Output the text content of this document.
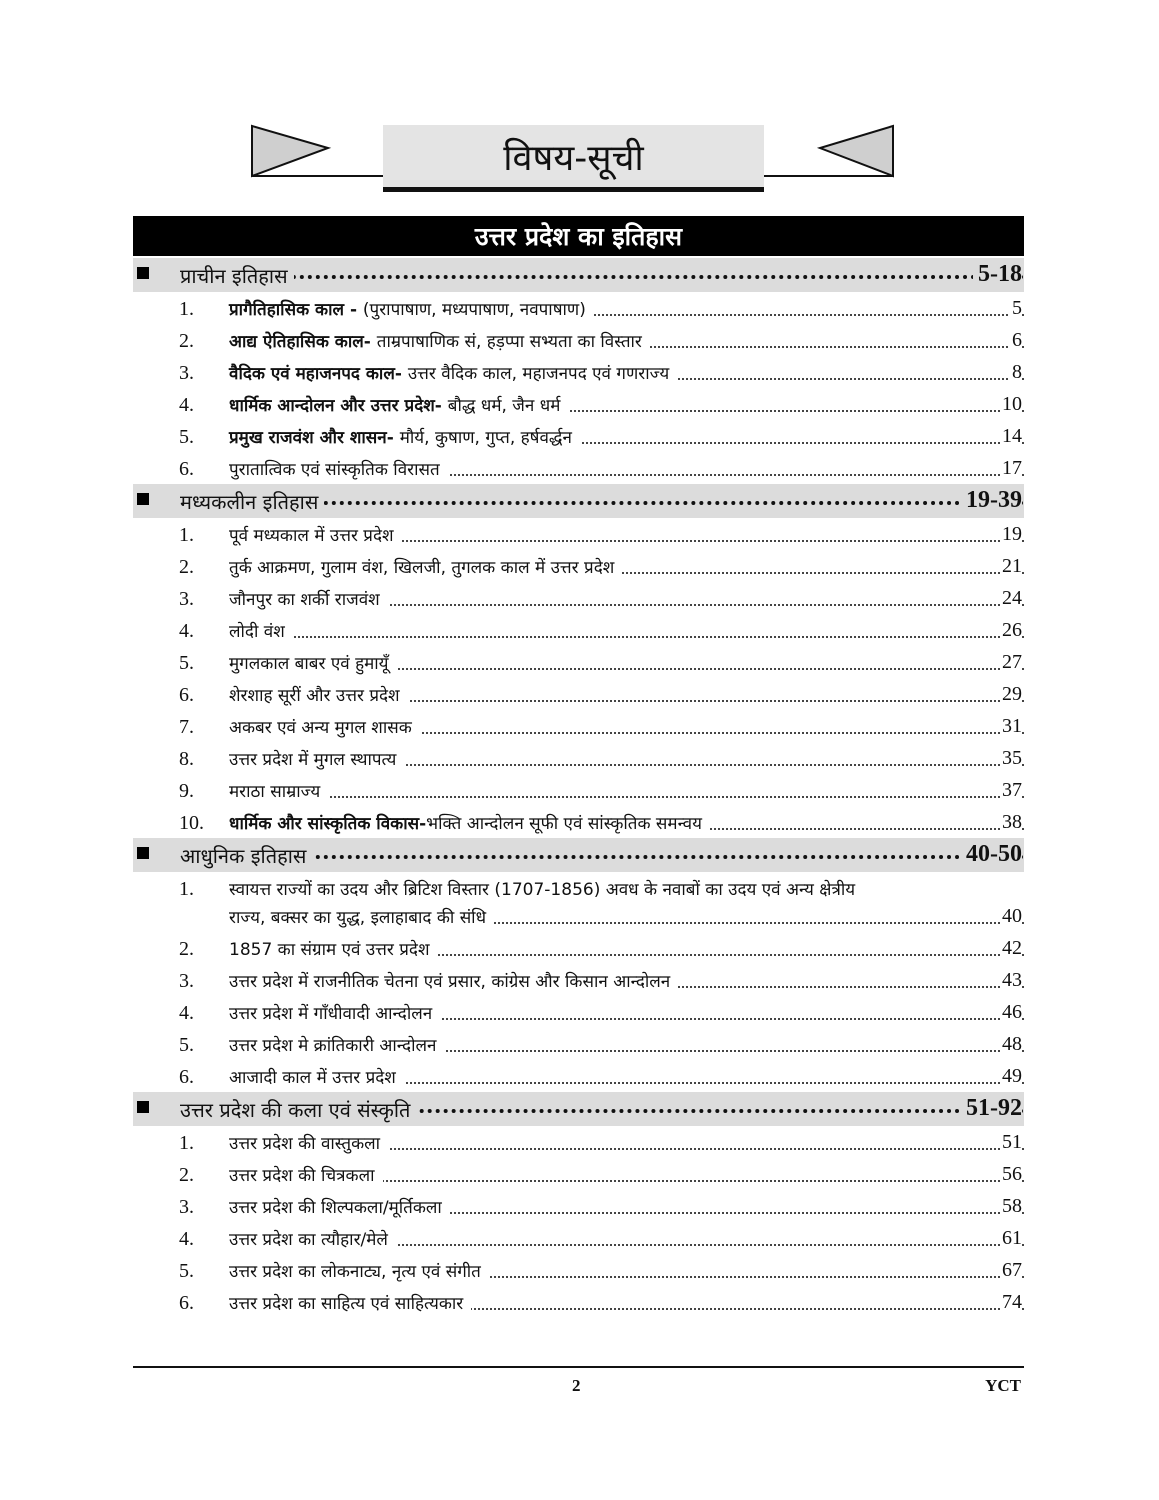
विषय-सूची
उत्तर प्रदेश का इतिहास
प्राचीन इतिहास	5-18
1. प्रागैतिहासिक काल - (पुरापाषाण, मध्यपाषाण, नवपाषाण)	5
2. आद्य ऐतिहासिक काल- ताम्रपाषाणिक सं, हड़प्पा सभ्यता का विस्तार	6
3. वैदिक एवं महाजनपद काल- उत्तर वैदिक काल, महाजनपद एवं गणराज्य	8
4. धार्मिक आन्दोलन और उत्तर प्रदेश- बौद्ध धर्म, जैन धर्म	10
5. प्रमुख राजवंश और शासन- मौर्य, कुषाण, गुप्त, हर्षवर्द्धन	14
6. पुरातात्विक एवं सांस्कृतिक विरासत	17
मध्यकलीन इतिहास	19-39
1. पूर्व मध्यकाल में उत्तर प्रदेश	19
2. तुर्क आक्रमण, गुलाम वंश, खिलजी, तुगलक काल में उत्तर प्रदेश	21
3. जौनपुर का शर्की राजवंश	24
4. लोदी वंश	26
5. मुगलकाल बाबर एवं हुमायूँ	27
6. शेरशाह सूरीं और उत्तर प्रदेश	29
7. अकबर एवं अन्य मुगल शासक	31
8. उत्तर प्रदेश में मुगल स्थापत्य	35
9. मराठा साम्राज्य	37
10. धार्मिक और सांस्कृतिक विकास-भक्ति आन्दोलन सूफी एवं सांस्कृतिक समन्वय	38
आधुनिक इतिहास	40-50
1. स्वायत्त राज्यों का उदय और ब्रिटिश विस्तार (1707-1856) अवध के नवाबों का उदय एवं अन्य क्षेत्रीय
राज्य, बक्सर का युद्ध, इलाहाबाद की संधि	40
2. 1857 का संग्राम एवं उत्तर प्रदेश	42
3. उत्तर प्रदेश में राजनीतिक चेतना एवं प्रसार, कांग्रेस और किसान आन्दोलन	43
4. उत्तर प्रदेश में गाँधीवादी आन्दोलन	46
5. उत्तर प्रदेश मे क्रांतिकारी आन्दोलन	48
6. आजादी काल में उत्तर प्रदेश	49
उत्तर प्रदेश की कला एवं संस्कृति	51-92
1. उत्तर प्रदेश की वास्तुकला	51
2. उत्तर प्रदेश की चित्रकला	56
3. उत्तर प्रदेश की शिल्पकला/मूर्तिकला	58
4. उत्तर प्रदेश का त्यौहार/मेले	61
5. उत्तर प्रदेश का लोकनाट्य, नृत्य एवं संगीत	67
6. उत्तर प्रदेश का साहित्य एवं साहित्यकार	74
2	YCT
